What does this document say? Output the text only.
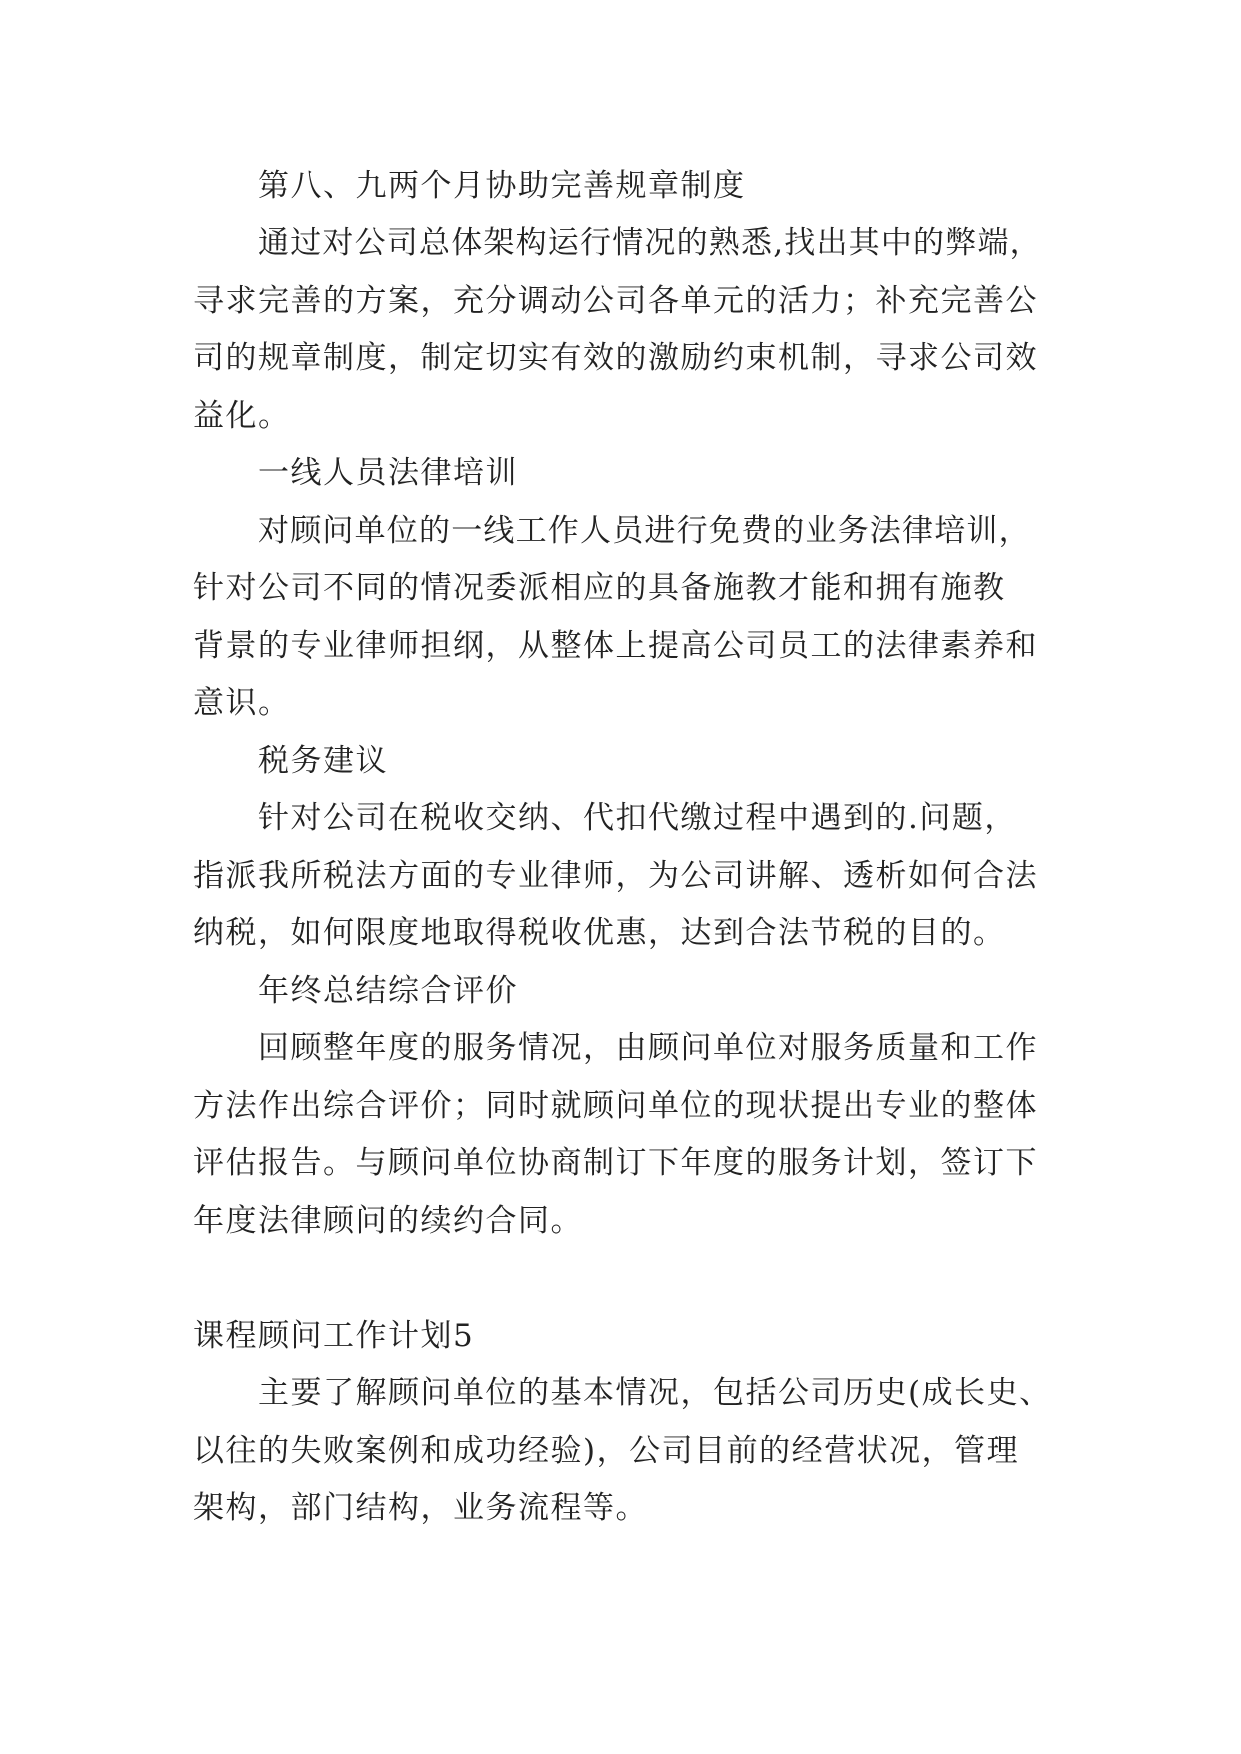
第八、九两个月协助完善规章制度
通过对公司总体架构运行情况的熟悉,找出其中的弊端，
寻求完善的方案，充分调动公司各单元的活力；补充完善公
司的规章制度，制定切实有效的激励约束机制，寻求公司效
益化。
一线人员法律培训
对顾问单位的一线工作人员进行免费的业务法律培训，
针对公司不同的情况委派相应的具备施教才能和拥有施教
背景的专业律师担纲，从整体上提高公司员工的法律素养和
意识。
税务建议
针对公司在税收交纳、代扣代缴过程中遇到的.问题，
指派我所税法方面的专业律师，为公司讲解、透析如何合法
纳税，如何限度地取得税收优惠，达到合法节税的目的。
年终总结综合评价
回顾整年度的服务情况，由顾问单位对服务质量和工作
方法作出综合评价；同时就顾问单位的现状提出专业的整体
评估报告。与顾问单位协商制订下年度的服务计划，签订下
年度法律顾问的续约合同。
课程顾问工作计划5
主要了解顾问单位的基本情况，包括公司历史(成长史、
以往的失败案例和成功经验)，公司目前的经营状况，管理
架构，部门结构，业务流程等。
